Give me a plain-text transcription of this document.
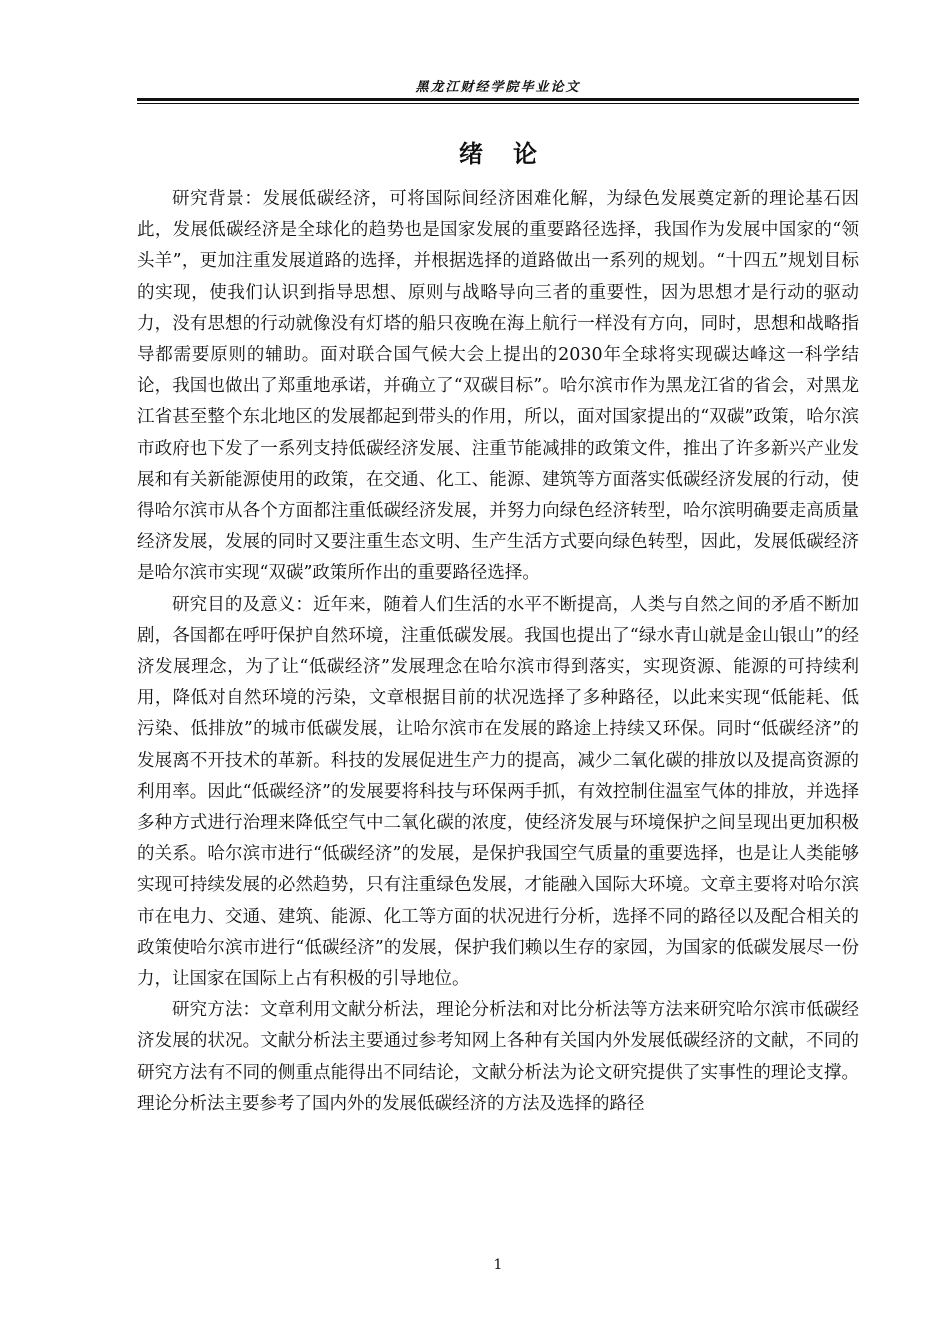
黑龙江财经学院毕业论文
绪论

研究背景：发展低碳经济，可将国际间经济困难化解，为绿色发展奠定新的理论基石因此，发展低碳经济是全球化的趋势也是国家发展的重要路径选择，我国作为发展中国家的“领头羊”，更加注重发展道路的选择，并根据选择的道路做出一系列的规划。“十四五”规划目标的实现，使我们认识到指导思想、原则与战略导向三者的重要性，因为思想才是行动的驱动力，没有思想的行动就像没有灯塔的船只夜晚在海上航行一样没有方向，同时，思想和战略指导都需要原则的辅助。面对联合国气候大会上提出的2030年全球将实现碳达峰这一科学结论，我国也做出了郑重地承诺，并确立了“双碳目标”。哈尔滨市作为黑龙江省的省会，对黑龙江省甚至整个东北地区的发展都起到带头的作用，所以，面对国家提出的“双碳”政策，哈尔滨市政府也下发了一系列支持低碳经济发展、注重节能减排的政策文件，推出了许多新兴产业发展和有关新能源使用的政策，在交通、化工、能源、建筑等方面落实低碳经济发展的行动，使得哈尔滨市从各个方面都注重低碳经济发展，并努力向绿色经济转型，哈尔滨明确要走高质量经济发展，发展的同时又要注重生态文明、生产生活方式要向绿色转型，因此，发展低碳经济是哈尔滨市实现“双碳”政策所作出的重要路径选择。

研究目的及意义：近年来，随着人们生活的水平不断提高，人类与自然之间的矛盾不断加剧，各国都在呼吁保护自然环境，注重低碳发展。我国也提出了“绿水青山就是金山银山”的经济发展理念，为了让“低碳经济”发展理念在哈尔滨市得到落实，实现资源、能源的可持续利用，降低对自然环境的污染，文章根据目前的状况选择了多种路径，以此来实现“低能耗、低污染、低排放”的城市低碳发展，让哈尔滨市在发展的路途上持续又环保。同时“低碳经济”的发展离不开技术的革新。科技的发展促进生产力的提高，减少二氧化碳的排放以及提高资源的利用率。因此“低碳经济”的发展要将科技与环保两手抓，有效控制住温室气体的排放，并选择多种方式进行治理来降低空气中二氧化碳的浓度，使经济发展与环境保护之间呈现出更加积极的关系。哈尔滨市进行“低碳经济”的发展，是保护我国空气质量的重要选择，也是让人类能够实现可持续发展的必然趋势，只有注重绿色发展，才能融入国际大环境。文章主要将对哈尔滨市在电力、交通、建筑、能源、化工等方面的状况进行分析，选择不同的路径以及配合相关的政策使哈尔滨市进行“低碳经济”的发展，保护我们赖以生存的家园，为国家的低碳发展尽一份力，让国家在国际上占有积极的引导地位。

研究方法：文章利用文献分析法，理论分析法和对比分析法等方法来研究哈尔滨市低碳经济发展的状况。文献分析法主要通过参考知网上各种有关国内外发展低碳经济的文献，不同的研究方法有不同的侧重点能得出不同结论，文献分析法为论文研究提供了实事性的理论支撑。理论分析法主要参考了国内外的发展低碳经济的方法及选择的路径

1
